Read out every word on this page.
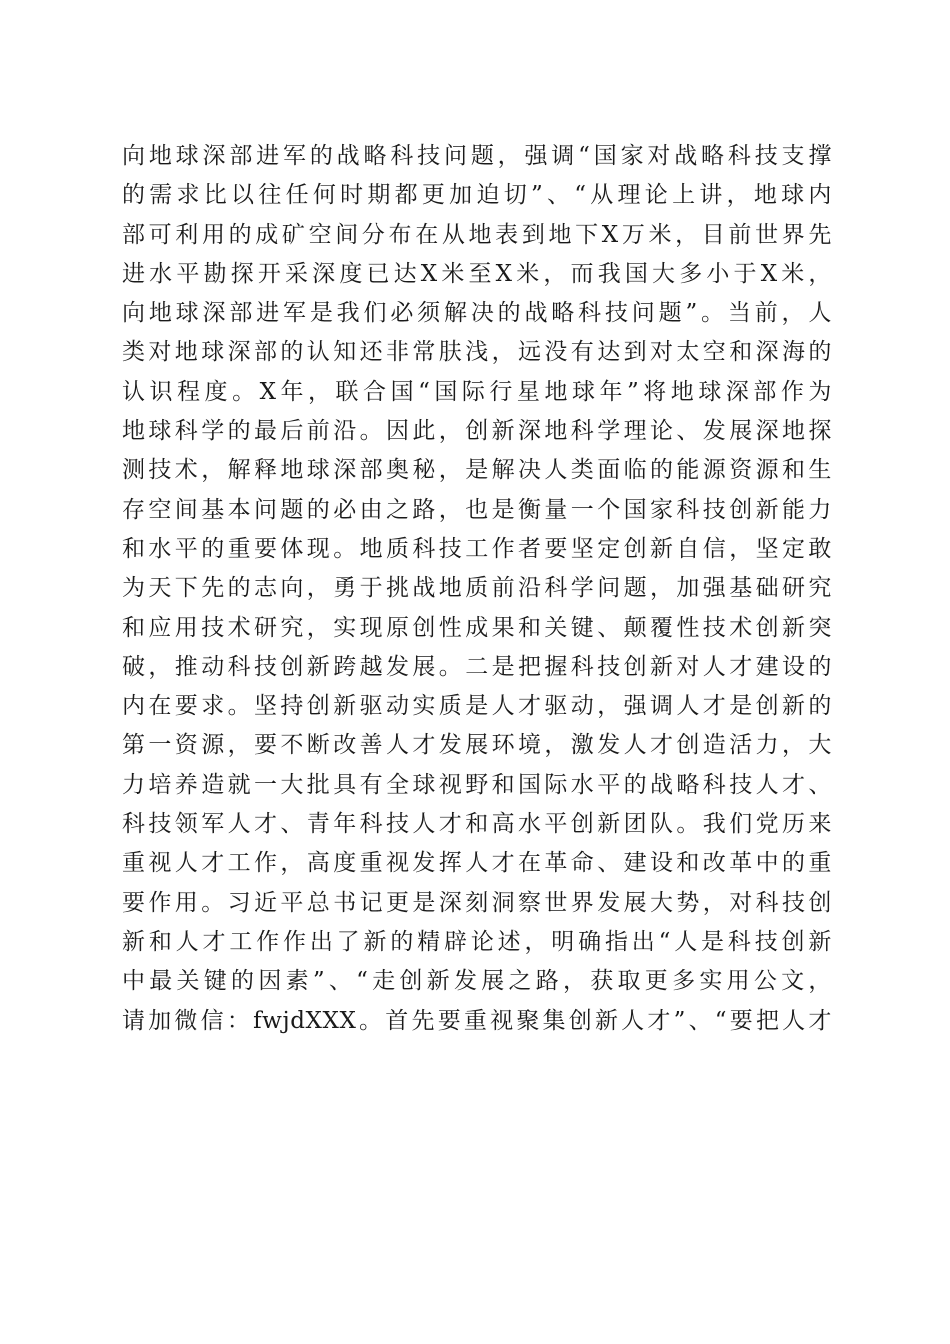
向地球深部进军的战略科技问题，强调“国家对战略科技支撑
的需求比以往任何时期都更加迫切”、“从理论上讲，地球内
部可利用的成矿空间分布在从地表到地下X万米，目前世界先
进水平勘探开采深度已达X米至X米，而我国大多小于X米，
向地球深部进军是我们必须解决的战略科技问题”。当前，人
类对地球深部的认知还非常肤浅，远没有达到对太空和深海的
认识程度。X年，联合国“国际行星地球年”将地球深部作为
地球科学的最后前沿。因此，创新深地科学理论、发展深地探
测技术，解释地球深部奥秘，是解决人类面临的能源资源和生
存空间基本问题的必由之路，也是衡量一个国家科技创新能力
和水平的重要体现。地质科技工作者要坚定创新自信，坚定敢
为天下先的志向，勇于挑战地质前沿科学问题，加强基础研究
和应用技术研究，实现原创性成果和关键、颠覆性技术创新突
破，推动科技创新跨越发展。二是把握科技创新对人才建设的
内在要求。坚持创新驱动实质是人才驱动，强调人才是创新的
第一资源，要不断改善人才发展环境，激发人才创造活力，大
力培养造就一大批具有全球视野和国际水平的战略科技人才、
科技领军人才、青年科技人才和高水平创新团队。我们党历来
重视人才工作，高度重视发挥人才在革命、建设和改革中的重
要作用。习近平总书记更是深刻洞察世界发展大势，对科技创
新和人才工作作出了新的精辟论述，明确指出“人是科技创新
中最关键的因素”、“走创新发展之路，获取更多实用公文，
请加微信：fwjdXXX。首先要重视聚集创新人才”、“要把人才
